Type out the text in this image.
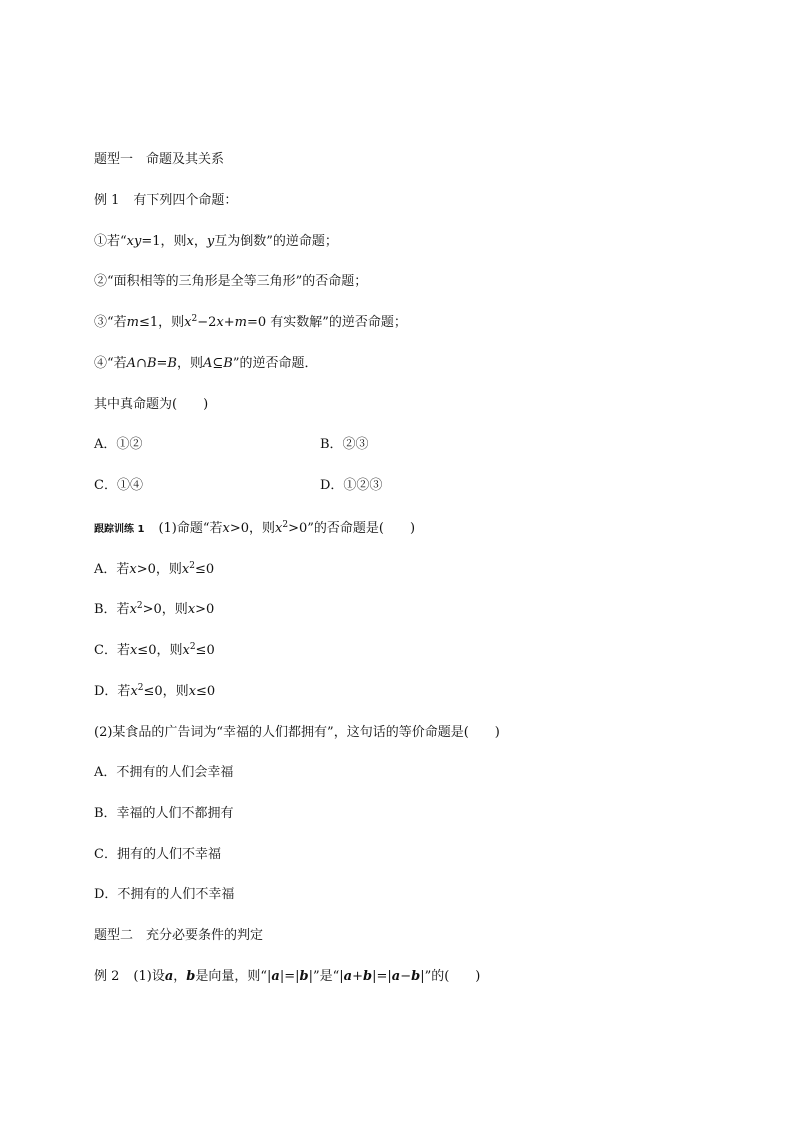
题型一　命题及其关系
例 1 有下列四个命题：
①若“xy=1，则x，y互为倒数”的逆命题；
②“面积相等的三角形是全等三角形”的否命题；
③“若m≤1，则$x^2-2x+m=0$ 有实数解”的逆否命题；
④“若A∩B=B，则A⊆B”的逆否命题．
其中真命题为(　　)
A．①②	B．②③
C．①④	D．①②③
跟踪训练 1 (1)命题“若x>0，则$x^2>0$”的否命题是(　　)
A．若x>0，则$x^2\le 0$
B．若$x^2>0$，则x>0
C．若x≤0，则$x^2\le 0$
D．若$x^2\le 0$，则x≤0
(2)某食品的广告词为“幸福的人们都拥有”，这句话的等价命题是(　　)
A．不拥有的人们会幸福
B．幸福的人们不都拥有
C．拥有的人们不幸福
D．不拥有的人们不幸福
题型二　充分必要条件的判定
例 2 (1)设a，b是向量，则“|a|=|b|”是“|a+b|=|a−b|”的(　　)
